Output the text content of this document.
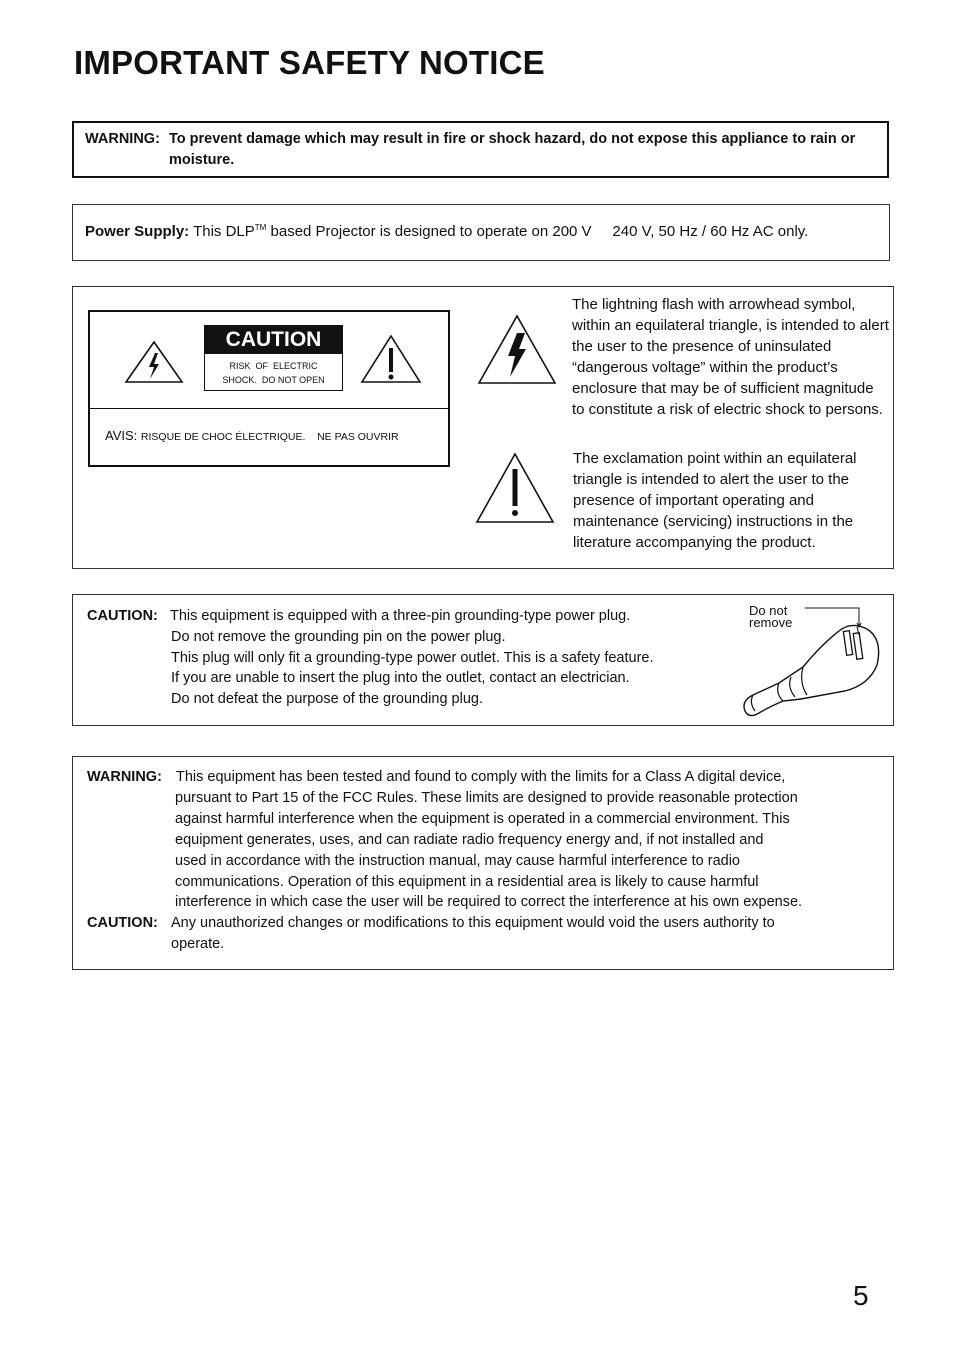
IMPORTANT SAFETY NOTICE
WARNING: To prevent damage which may result in fire or shock hazard, do not expose this appliance to rain or moisture.
Power Supply: This DLP™ based Projector is designed to operate on 200 V     240 V, 50 Hz / 60 Hz AC only.
CAUTION
RISK  OF  ELECTRIC
SHOCK.  DO NOT OPEN
AVIS: RISQUE DE CHOC ÉLECTRIQUE.    NE PAS OUVRIR
The lightning flash with arrowhead symbol, within an equilateral triangle, is intended to alert the user to the presence of uninsulated “dangerous voltage” within the product’s enclosure that may be of sufficient magnitude to constitute a risk of electric shock to persons.
The exclamation point within an equilateral triangle is intended to alert the user to the presence of important operating and maintenance (servicing) instructions in the literature accompanying the product.
CAUTION: This equipment is equipped with a three-pin grounding-type power plug.
Do not remove the grounding pin on the power plug.
This plug will only fit a grounding-type power outlet. This is a safety feature.
If you are unable to insert the plug into the outlet, contact an electrician.
Do not defeat the purpose of the grounding plug.
Do not
remove
WARNING: This equipment has been tested and found to comply with the limits for a Class A digital device,
pursuant to Part 15 of the FCC Rules. These limits are designed to provide reasonable protection
against harmful interference when the equipment is operated in a commercial environment. This
equipment generates, uses, and can radiate radio frequency energy and, if not installed and
used in accordance with the instruction manual, may cause harmful interference to radio
communications. Operation of this equipment in a residential area is likely to cause harmful
interference in which case the user will be required to correct the interference at his own expense.
CAUTION: Any unauthorized changes or modifications to this equipment would void the users authority to
operate.
5
